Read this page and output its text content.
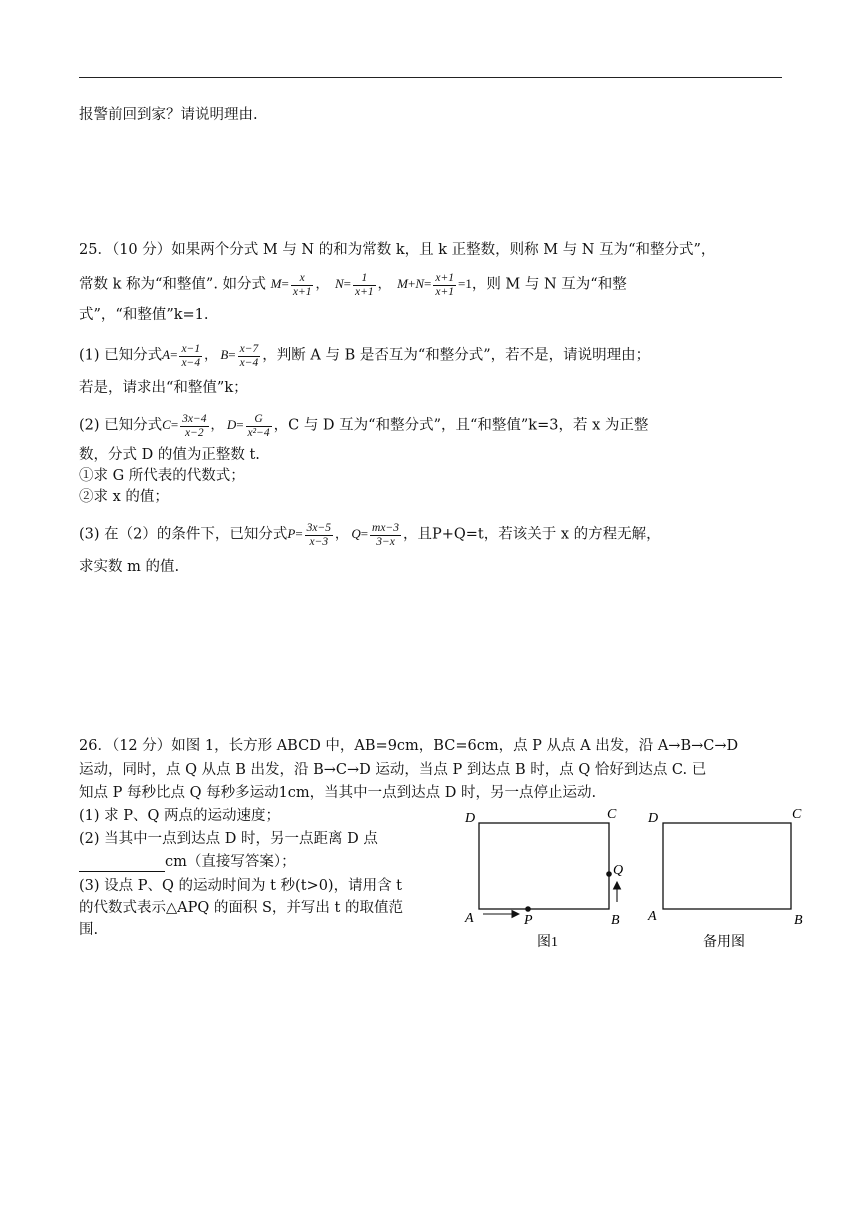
报警前回到家？请说明理由.
25．（10 分）如果两个分式 M 与 N 的和为常数 k，且 k 正整数，则称 M 与 N 互为“和整分式”，
常数 k 称为“和整值”. 如分式 $M= \frac{x}{x+1}$ ，  $N= \frac{1}{x+1}$ ，  $M+N= \frac{x+1}{x+1} =1$，则 M 与 N 互为“和整
式”，“和整值”k=1.
(1) 已知分式$A= \frac{x-1}{x-4}$ ， $B= \frac{x-7}{x-4}$ ，判断 A 与 B 是否互为“和整分式”，若不是，请说明理由；
若是，请求出“和整值”k；
(2) 已知分式$C= \frac{3x-4}{x-2}$ ， $D= \frac{G}{\text{x²−4}}$ ，C 与 D 互为“和整分式”，且“和整值”k=3，若 x 为正整
数，分式 D 的值为正整数 t.
①求 G 所代表的代数式；
②求 x 的值；
(3) 在（2）的条件下，已知分式$P= \frac{3x-5}{x-3}$ ， $Q= \frac{mx-3}{3-x}$ ，且P+Q=t，若该关于 x 的方程无解，
求实数 m 的值.
26．（12 分）如图 1，长方形 ABCD 中，AB=9cm，BC=6cm，点 P 从点 A 出发，沿 A→B→C→D
运动，同时，点 Q 从点 B 出发，沿 B→C→D 运动，当点 P 到达点 B 时，点 Q 恰好到达点 C. 已
知点 P 每秒比点 Q 每秒多运动1cm，当其中一点到达点 D 时，另一点停止运动.
(1) 求 P、Q 两点的运动速度；
(2) 当其中一点到达点 D 时，另一点距离 D 点
cm（直接写答案）；
(3) 设点 P、Q 的运动时间为 t 秒(t>0)，请用含 t
的代数式表示△APQ 的面积 S，并写出 t 的取值范
围.
D	C
A	B
P
Q
图1
D	C
A	B
备用图
